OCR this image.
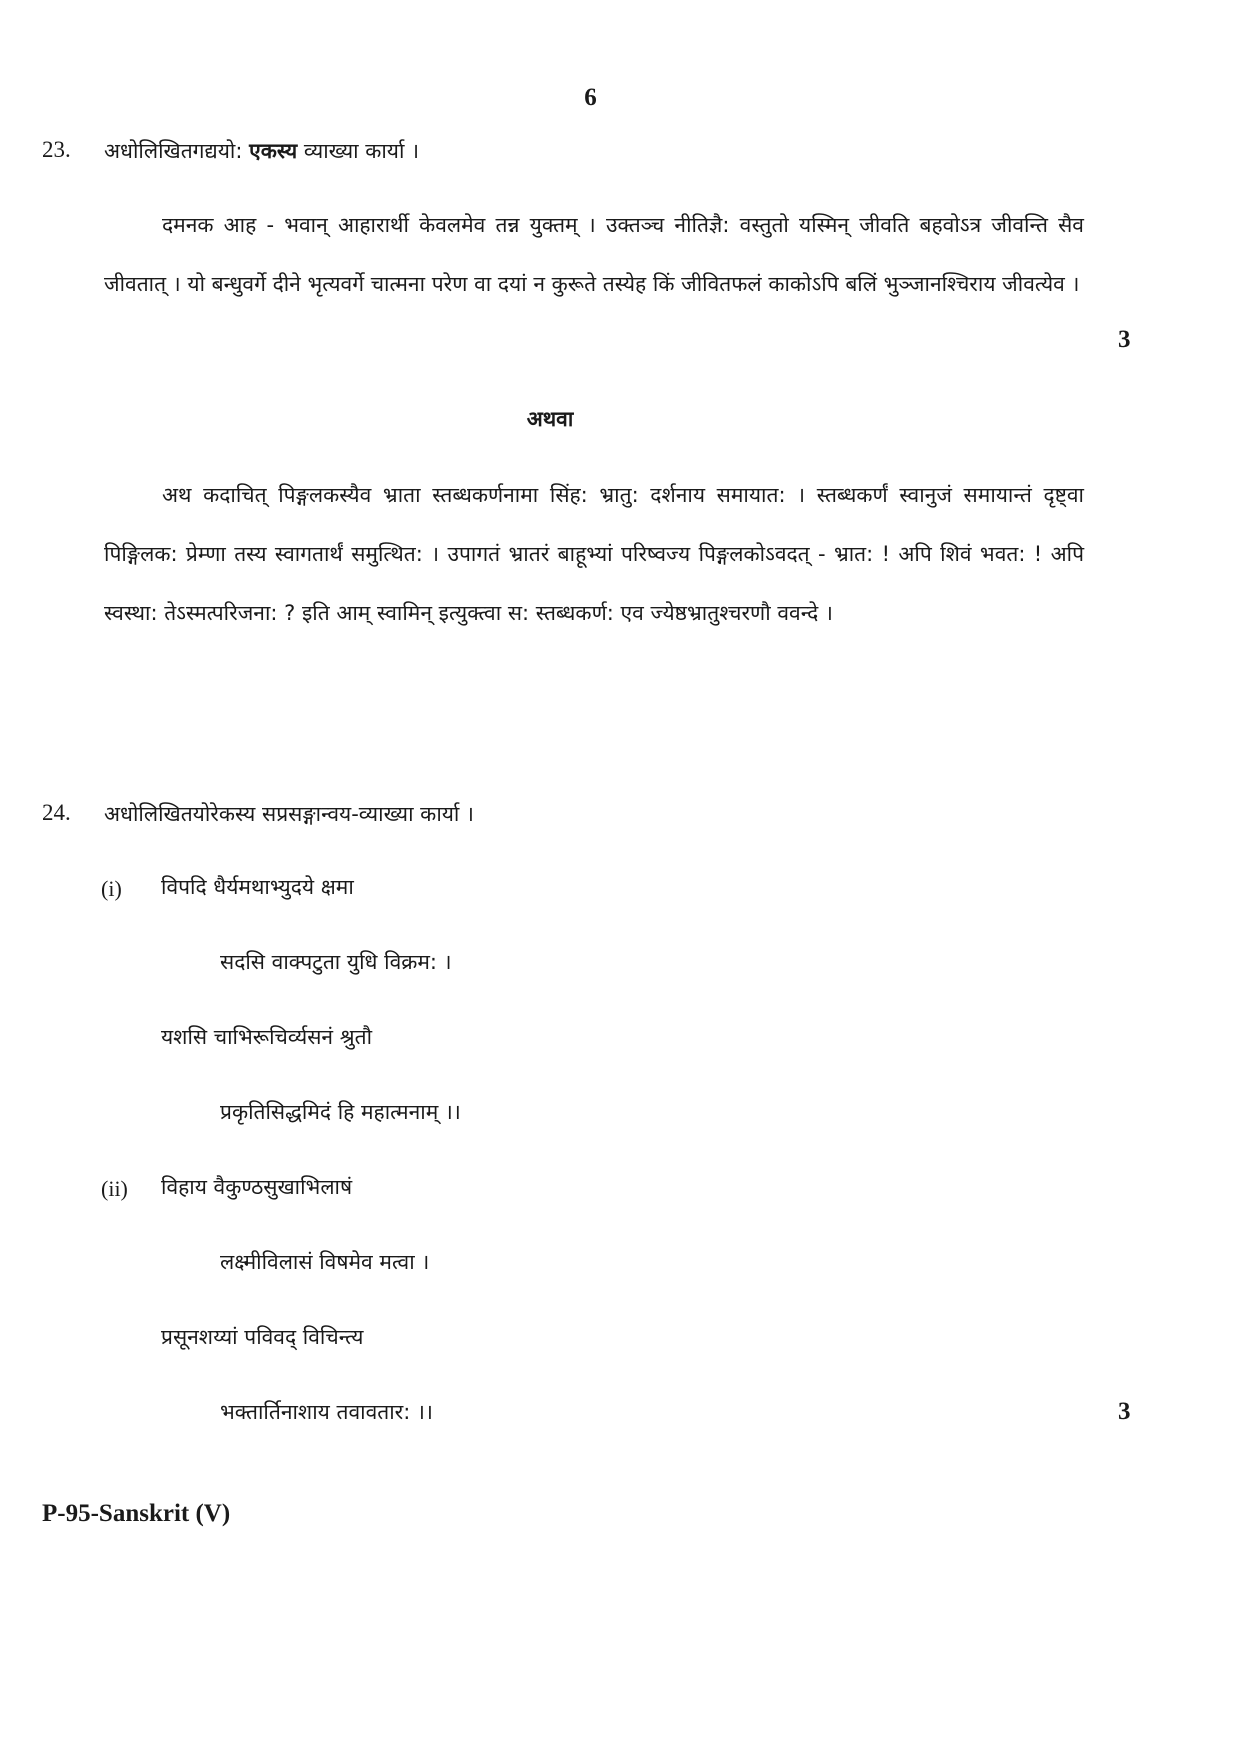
6
23. अधोलिखितगद्ययो: एकस्य व्याख्या कार्या ।
दमनक आह - भवान् आहारार्थी केवलमेव तन्न युक्तम् । उक्तञ्च नीतिज्ञै: वस्तुतो यस्मिन् जीवति बहवोऽत्र जीवन्ति सैव जीवतात् । यो बन्धुवर्गे दीने भृत्यवर्गे चात्मना परेण वा दयां न कुरूते तस्येह किं जीवितफलं काकोऽपि बलिं भुञ्जानश्चिराय जीवत्येव ।
3
अथवा
अथ कदाचित् पिङ्गलकस्यैव भ्राता स्तब्धकर्णनामा सिंह: भ्रातु: दर्शनाय समायात: । स्तब्धकर्णं स्वानुजं समायान्तं दृष्ट्वा पिङ्गिलक: प्रेम्णा तस्य स्वागतार्थं समुत्थित: । उपागतं भ्रातरं बाहूभ्यां परिष्वज्य पिङ्गलकोऽवदत् - भ्रात: ! अपि शिवं भवत: ! अपि स्वस्था: तेऽस्मत्परिजना: ? इति आम् स्वामिन् इत्युक्त्वा स: स्तब्धकर्ण: एव ज्येष्ठभ्रातुश्चरणौ ववन्दे ।
24. अधोलिखितयोरेकस्य सप्रसङ्गान्वय-व्याख्या कार्या ।
(i) विपदि धैर्यमथाभ्युदये क्षमा
सदसि वाक्पटुता युधि विक्रम: ।
यशसि चाभिरूचिर्व्यसनं श्रुतौ
प्रकृतिसिद्धमिदं हि महात्मनाम् ।।
(ii) विहाय वैकुण्ठसुखाभिलाषं
लक्ष्मीविलासं विषमेव मत्वा ।
प्रसूनशय्यां पविवद् विचिन्त्य
भक्तार्तिनाशाय तवावतार: ।।	3
P-95-Sanskrit (V)
